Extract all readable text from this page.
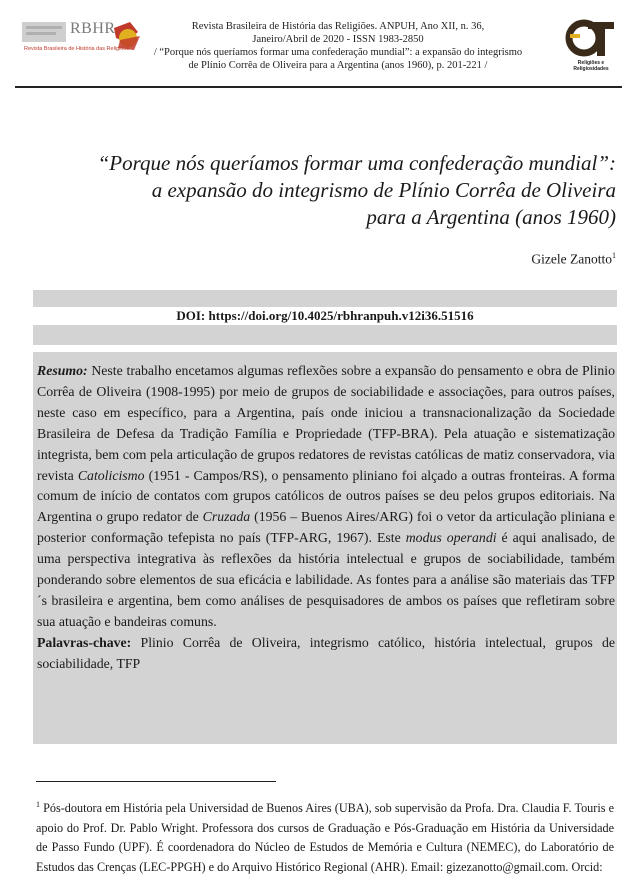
RBHR
Revista Brasileira de História das Religiões
Revista Brasileira de História das Religiões. ANPUH, Ano XII, n. 36,
Janeiro/Abril de 2020 - ISSN 1983-2850
/ “Porque nós queríamos formar uma confederação mundial”: a expansão do integrismo
de Plínio Corrêa de Oliveira para a Argentina (anos 1960), p. 201-221 /	Religiões e
Religiosidades
“Porque nós queríamos formar uma confederação mundial”:
a expansão do integrismo de Plínio Corrêa de Oliveira
para a Argentina (anos 1960)
Gizele Zanotto$^1$
DOI: https://doi.org/10.4025/rbhranpuh.v12i36.51516
Resumo: Neste trabalho encetamos algumas reflexões sobre a expansão do pensamento e obra de Plinio Corrêa de Oliveira (1908-1995) por meio de grupos de sociabilidade e associações, para outros países, neste caso em específico, para a Argentina, país onde iniciou a transnacionalização da Sociedade Brasileira de Defesa da Tradição Família e Propriedade (TFP-BRA). Pela atuação e sistematização integrista, bem com pela articulação de grupos redatores de revistas católicas de matiz conservadora, via revista Catolicismo (1951 - Campos/RS), o pensamento pliniano foi alçado a outras fronteiras. A forma comum de início de contatos com grupos católicos de outros países se deu pelos grupos editoriais. Na Argentina o grupo redator de Cruzada (1956 – Buenos Aires/ARG) foi o vetor da articulação pliniana e posterior conformação tefepista no país (TFP-ARG, 1967). Este modus operandi é aqui analisado, de uma perspectiva integrativa às reflexões da história intelectual e grupos de sociabilidade, também ponderando sobre elementos de sua eficácia e labilidade. As fontes para a análise são materiais das TFP´s brasileira e argentina, bem como análises de pesquisadores de ambos os países que refletiram sobre sua atuação e bandeiras comuns.
Palavras-chave: Plinio Corrêa de Oliveira, integrismo católico, história intelectual, grupos de sociabilidade, TFP
$^1$ Pós-doutora em História pela Universidad de Buenos Aires (UBA), sob supervisão da Profa. Dra. Claudia F. Touris e apoio do Prof. Dr. Pablo Wright. Professora dos cursos de Graduação e Pós-Graduação em História da Universidade de Passo Fundo (UPF). É coordenadora do Núcleo de Estudos de Memória e Cultura (NEMEC), do Laboratório de Estudos das Crenças (LEC-PPGH) e do Arquivo Histórico Regional (AHR). Email: gizezanotto@gmail.com. Orcid:
